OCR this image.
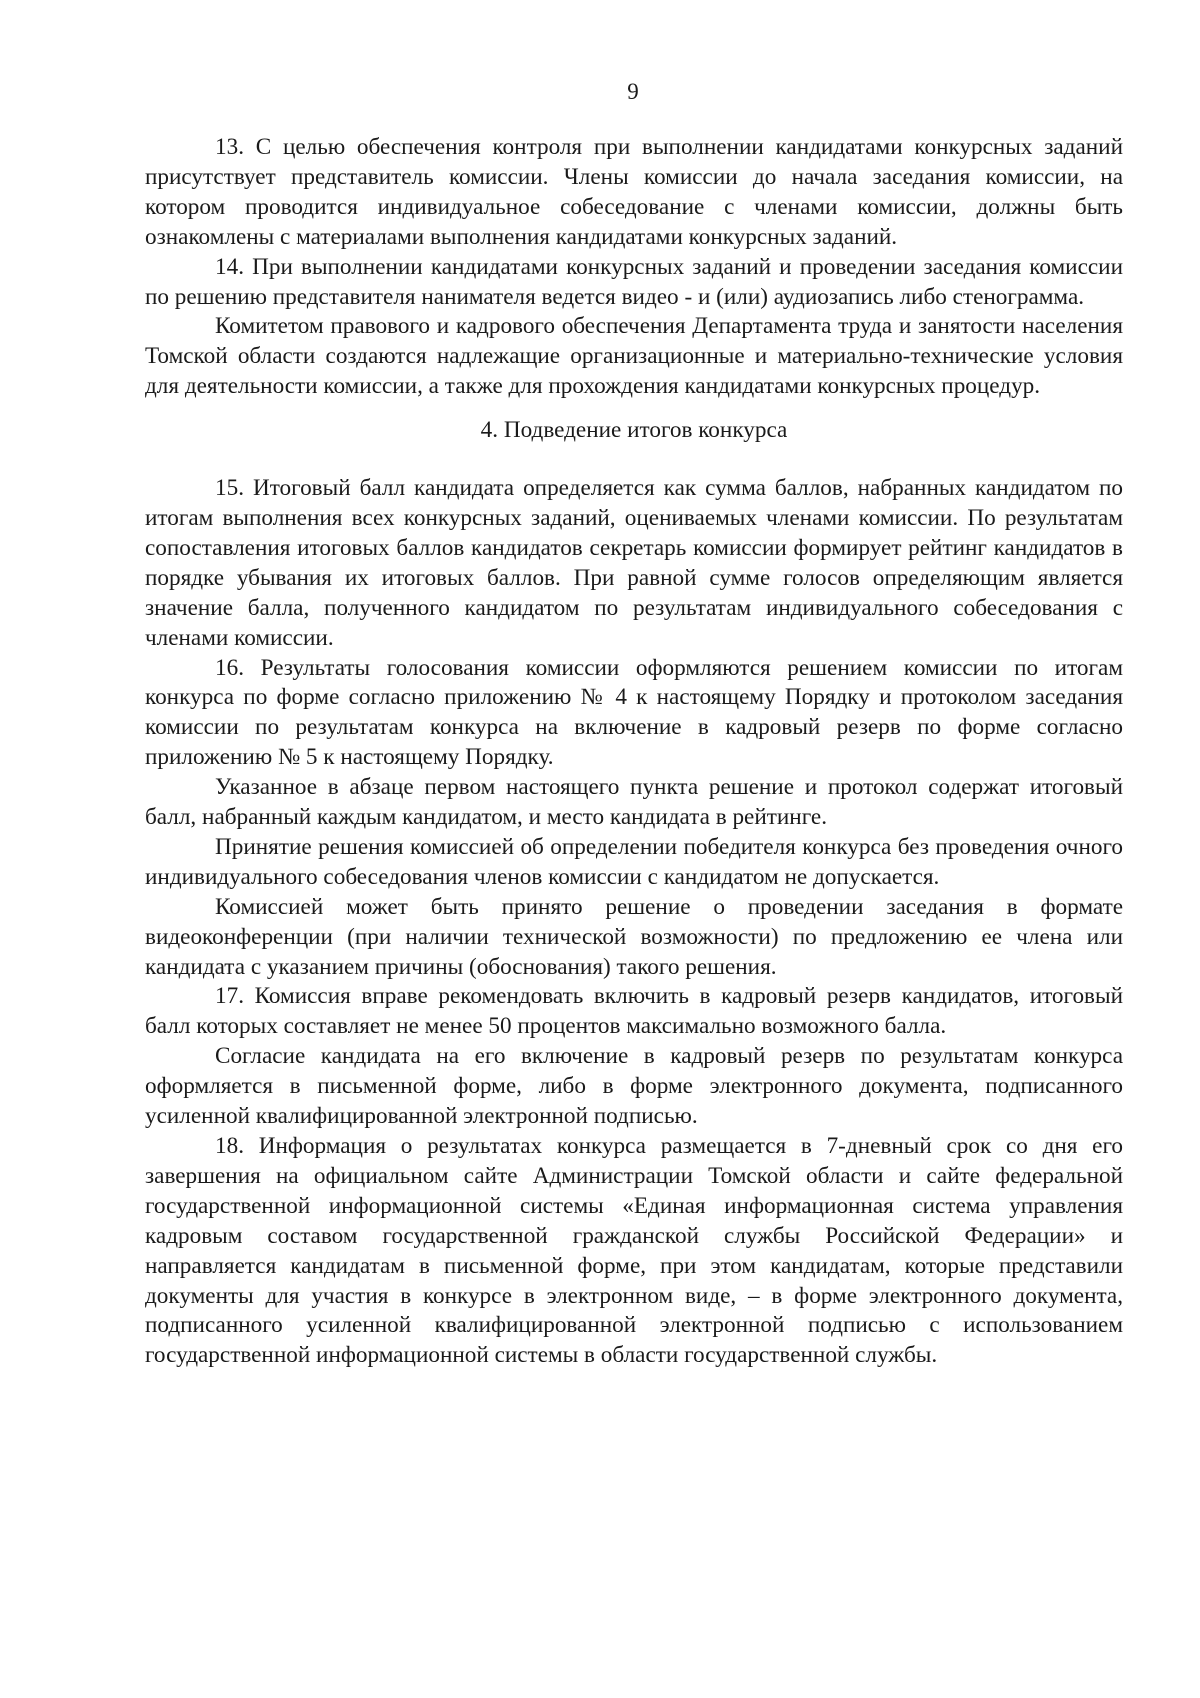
9

13. С целью обеспечения контроля при выполнении кандидатами конкурсных заданий присутствует представитель комиссии. Члены комиссии до начала заседания комиссии, на котором проводится индивидуальное собеседование с членами комиссии, должны быть ознакомлены с материалами выполнения кандидатами конкурсных заданий.

14. При выполнении кандидатами конкурсных заданий и проведении заседания комиссии по решению представителя нанимателя ведется видео - и (или) аудиозапись либо стенограмма.

Комитетом правового и кадрового обеспечения Департамента труда и занятости населения Томской области создаются надлежащие организационные и материально-технические условия для деятельности комиссии, а также для прохождения кандидатами конкурсных процедур.

4. Подведение итогов конкурса

15. Итоговый балл кандидата определяется как сумма баллов, набранных кандидатом по итогам выполнения всех конкурсных заданий, оцениваемых членами комиссии. По результатам сопоставления итоговых баллов кандидатов секретарь комиссии формирует рейтинг кандидатов в порядке убывания их итоговых баллов. При равной сумме голосов определяющим является значение балла, полученного кандидатом по результатам индивидуального собеседования с членами комиссии.

16. Результаты голосования комиссии оформляются решением комиссии по итогам конкурса по форме согласно приложению № 4 к настоящему Порядку и протоколом заседания комиссии по результатам конкурса на включение в кадровый резерв по форме согласно приложению № 5 к настоящему Порядку.

Указанное в абзаце первом настоящего пункта решение и протокол содержат итоговый балл, набранный каждым кандидатом, и место кандидата в рейтинге.

Принятие решения комиссией об определении победителя конкурса без проведения очного индивидуального собеседования членов комиссии с кандидатом не допускается.

Комиссией может быть принято решение о проведении заседания в формате видеоконференции (при наличии технической возможности) по предложению ее члена или кандидата с указанием причины (обоснования) такого решения.

17. Комиссия вправе рекомендовать включить в кадровый резерв кандидатов, итоговый балл которых составляет не менее 50 процентов максимально возможного балла.

Согласие кандидата на его включение в кадровый резерв по результатам конкурса оформляется в письменной форме, либо в форме электронного документа, подписанного усиленной квалифицированной электронной подписью.

18. Информация о результатах конкурса размещается в 7-дневный срок со дня его завершения на официальном сайте Администрации Томской области и сайте федеральной государственной информационной системы «Единая информационная система управления кадровым составом государственной гражданской службы Российской Федерации» и направляется кандидатам в письменной форме, при этом кандидатам, которые представили документы для участия в конкурсе в электронном виде, – в форме электронного документа, подписанного усиленной квалифицированной электронной подписью с использованием государственной информационной системы в области государственной службы.
